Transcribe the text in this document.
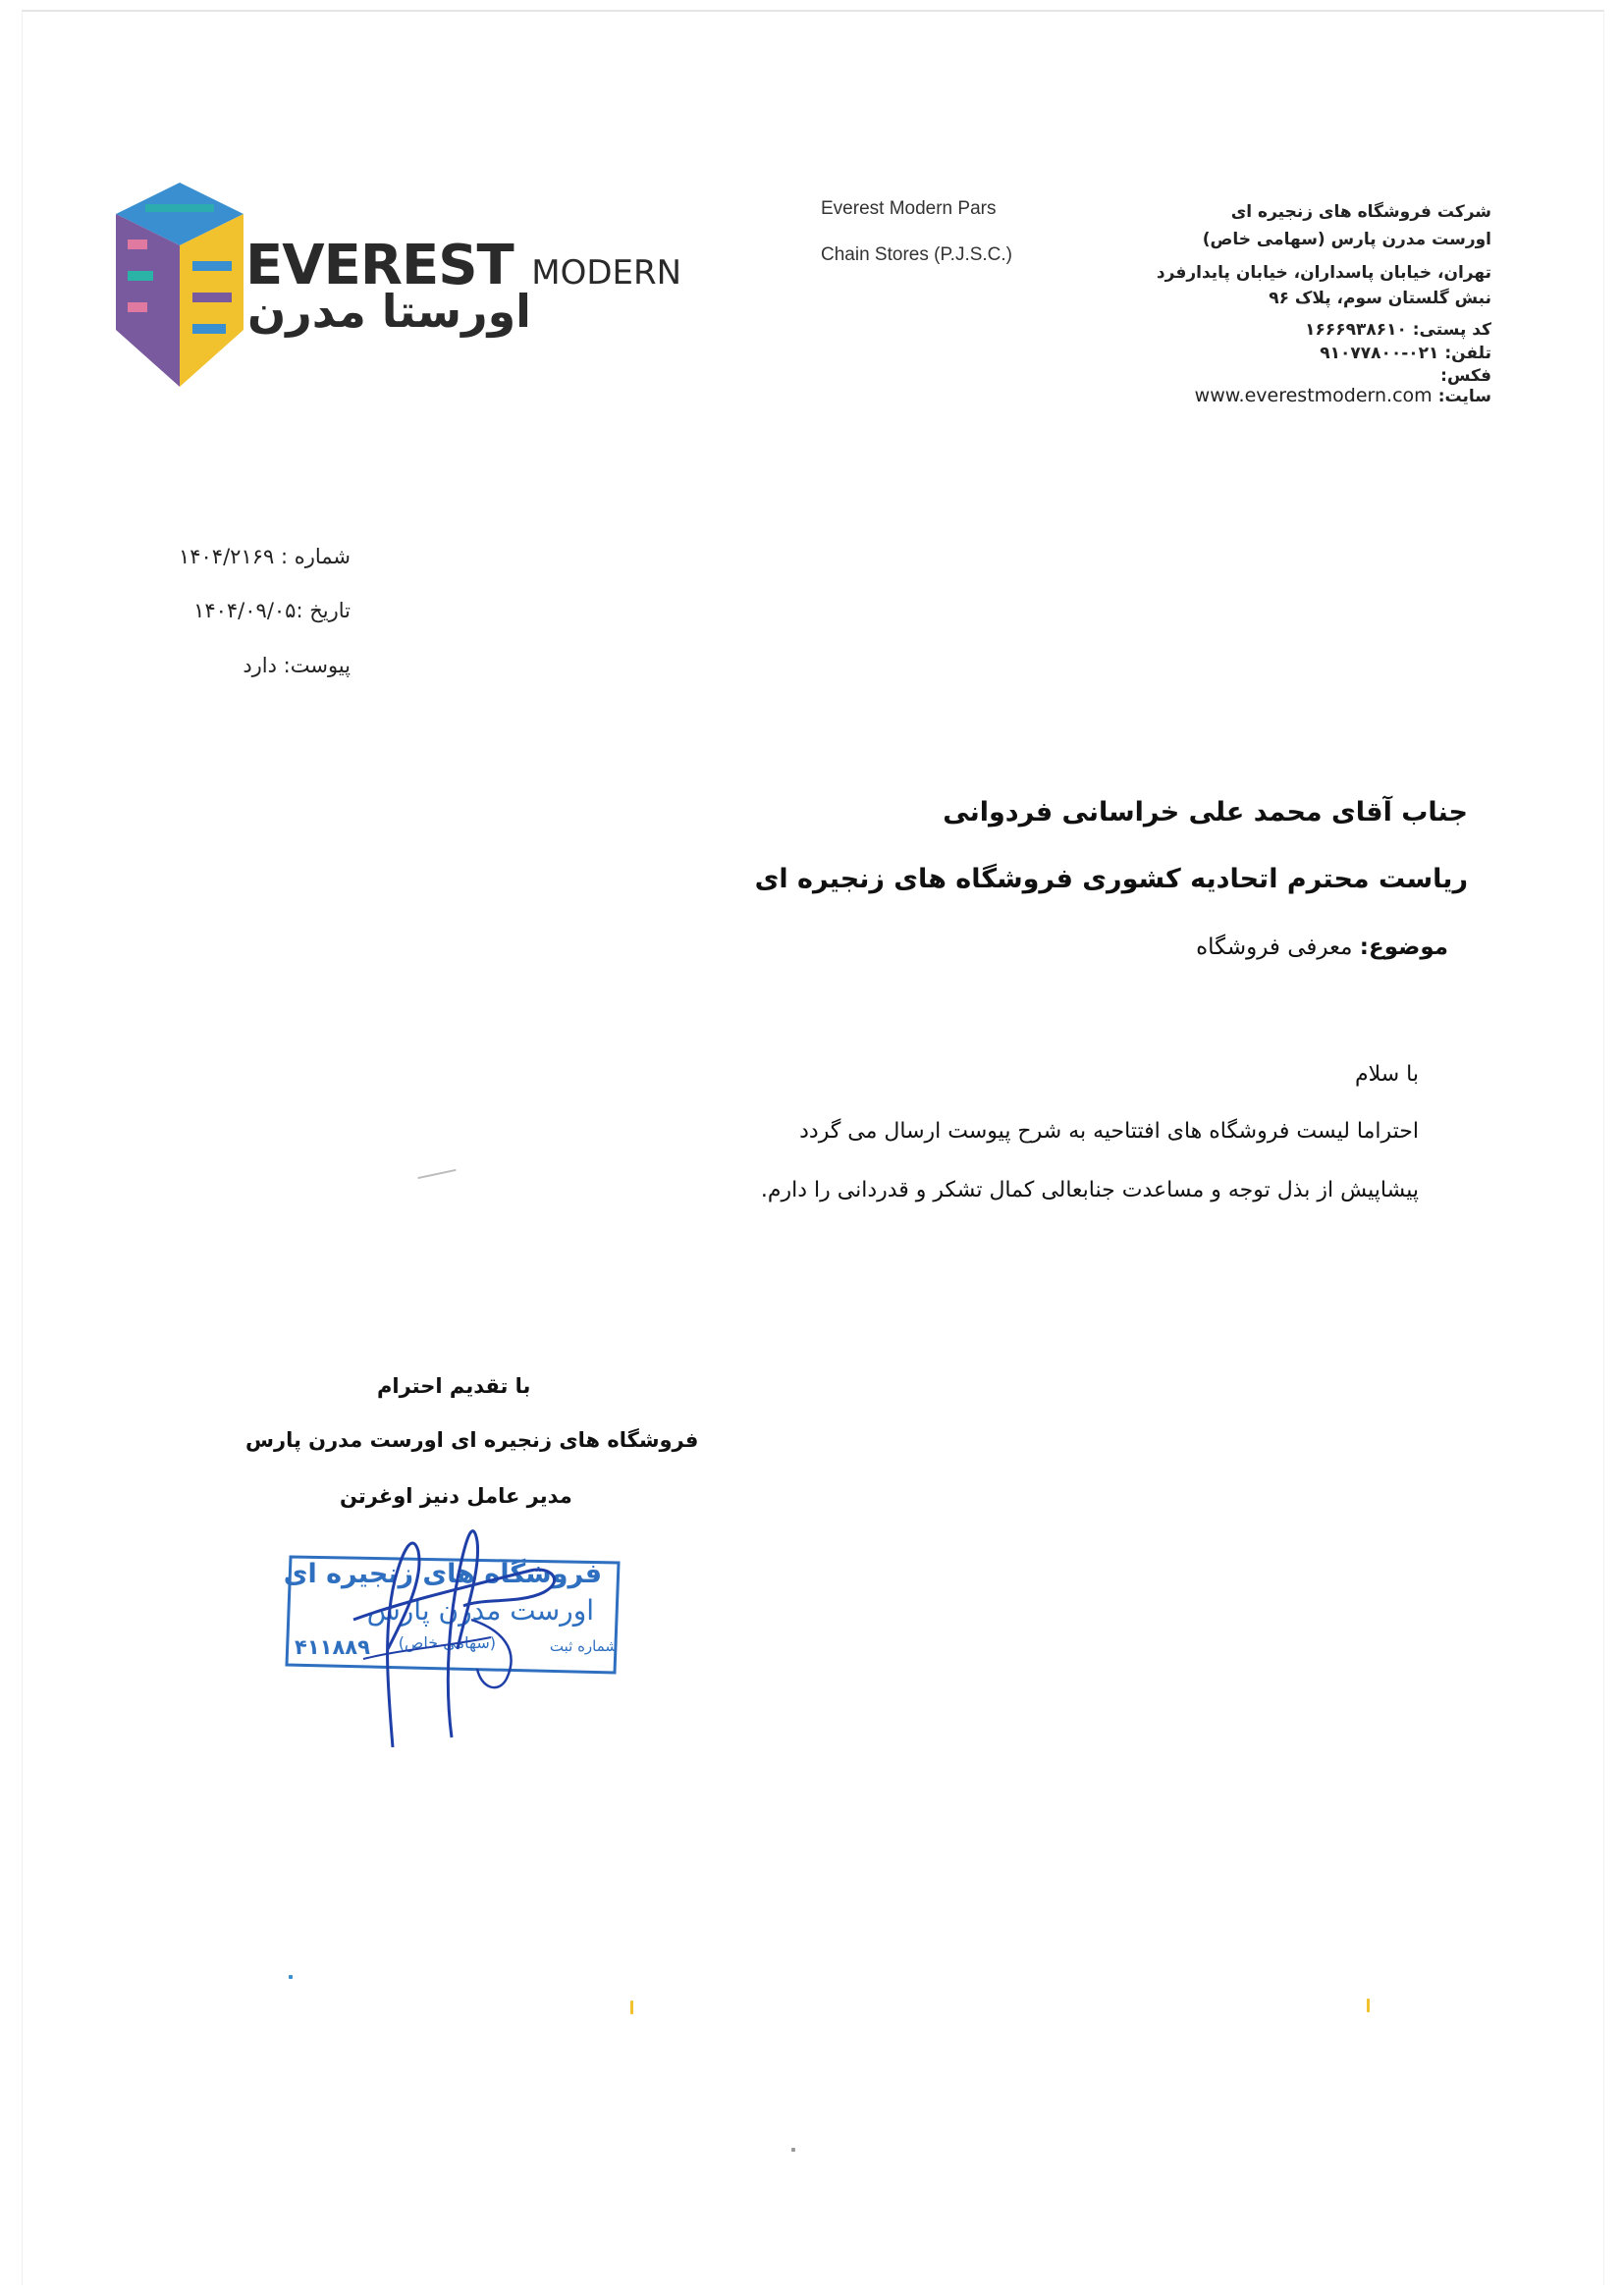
EVEREST MODERN
اورستا مدرن
Everest Modern Pars
Chain Stores (P.J.S.C.)
شرکت فروشگاه های زنجیره ای
اورست مدرن پارس (سهامی خاص)
تهران، خیابان پاسداران، خیابان پایدارفرد
نبش گلستان سوم، پلاک ۹۶
کد پستی: ۱۶۶۶۹۳۸۶۱۰
تلفن: ۰۲۱-۹۱۰۷۷۸۰۰
فکس:
www.everestmodern.com سایت:
شماره : ۱۴۰۴/۲۱۶۹
تاریخ :۱۴۰۴/۰۹/۰۵
پیوست: دارد
جناب آقای محمد علی خراسانی فردوانی
ریاست محترم اتحادیه کشوری فروشگاه های زنجیره ای
موضوع: معرفی فروشگاه
با سلام
احتراما لیست فروشگاه های افتتاحیه به شرح پیوست ارسال می گردد
پیشاپیش از بذل توجه و مساعدت جنابعالی کمال تشکر و قدردانی را دارم.
با تقدیم احترام
فروشگاه های زنجیره ای اورست مدرن پارس
مدیر عامل دنیز اوغرتن
فروشگاه های زنجیره ای
اورست مدرن پارس
(سهامی خاص)	شماره ثبت
۴۱۱۸۸۹
